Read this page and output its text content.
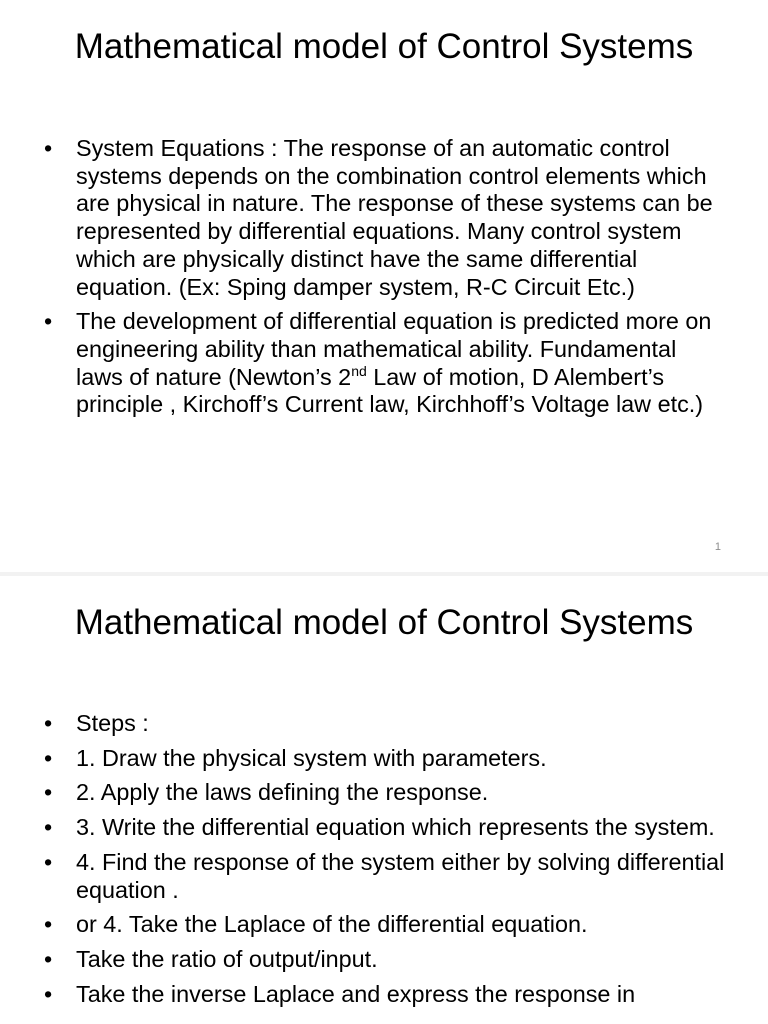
Mathematical model of Control Systems
•	System Equations : The response of an automatic control systems depends on the combination control elements which are physical in nature. The response of these systems can be represented by differential equations. Many control system which are physically distinct have the same differential equation. (Ex: Sping damper system, R-C Circuit Etc.)
•	The development of differential equation is predicted more on engineering ability than mathematical ability. Fundamental laws of nature (Newton’s 2nd Law of motion, D Alembert’s principle , Kirchoff’s Current law, Kirchhoff’s Voltage law etc.)
1
Mathematical model of Control Systems
•	Steps :
•	1. Draw the physical system with parameters.
•	2. Apply the laws defining the response.
•	3. Write the differential equation which represents the system.
•	4. Find the response of the system either by solving differential equation .
•	or 4. Take the Laplace of the differential equation.
•	Take the ratio of output/input.
•	Take the inverse Laplace and express the response in
